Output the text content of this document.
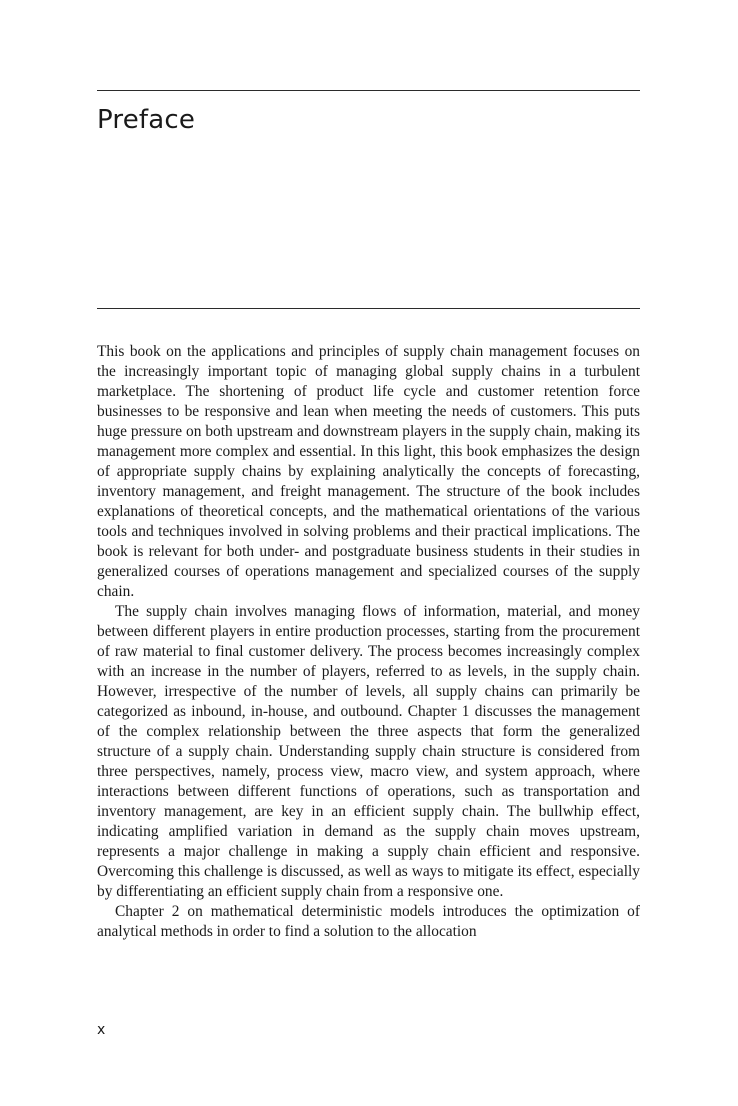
Preface

This book on the applications and principles of supply chain management focuses on the increasingly important topic of managing global supply chains in a turbulent marketplace. The shortening of product life cycle and customer retention force businesses to be responsive and lean when meeting the needs of customers. This puts huge pressure on both upstream and downstream players in the supply chain, making its management more complex and essential. In this light, this book emphasizes the design of appropriate supply chains by explaining analytically the concepts of forecasting, inventory management, and freight management. The structure of the book includes explanations of theoretical concepts, and the mathematical orientations of the various tools and techniques involved in solving problems and their practical implications. The book is relevant for both under- and postgraduate business students in their studies in generalized courses of operations management and specialized courses of the supply chain.

The supply chain involves managing flows of information, material, and money between different players in entire production processes, starting from the procurement of raw material to final customer delivery. The process becomes increasingly complex with an increase in the number of players, referred to as levels, in the supply chain. However, irrespective of the number of levels, all supply chains can primarily be categorized as inbound, in-house, and outbound. Chapter 1 discusses the management of the complex relationship between the three aspects that form the generalized structure of a supply chain. Understanding supply chain structure is considered from three perspectives, namely, process view, macro view, and system approach, where interactions between different functions of operations, such as transportation and inventory management, are key in an efficient supply chain. The bullwhip effect, indicating amplified variation in demand as the supply chain moves upstream, represents a major challenge in making a supply chain efficient and responsive. Overcoming this challenge is discussed, as well as ways to mitigate its effect, especially by differentiating an efficient supply chain from a responsive one.

Chapter 2 on mathematical deterministic models introduces the optimization of analytical methods in order to find a solution to the allocation

x
